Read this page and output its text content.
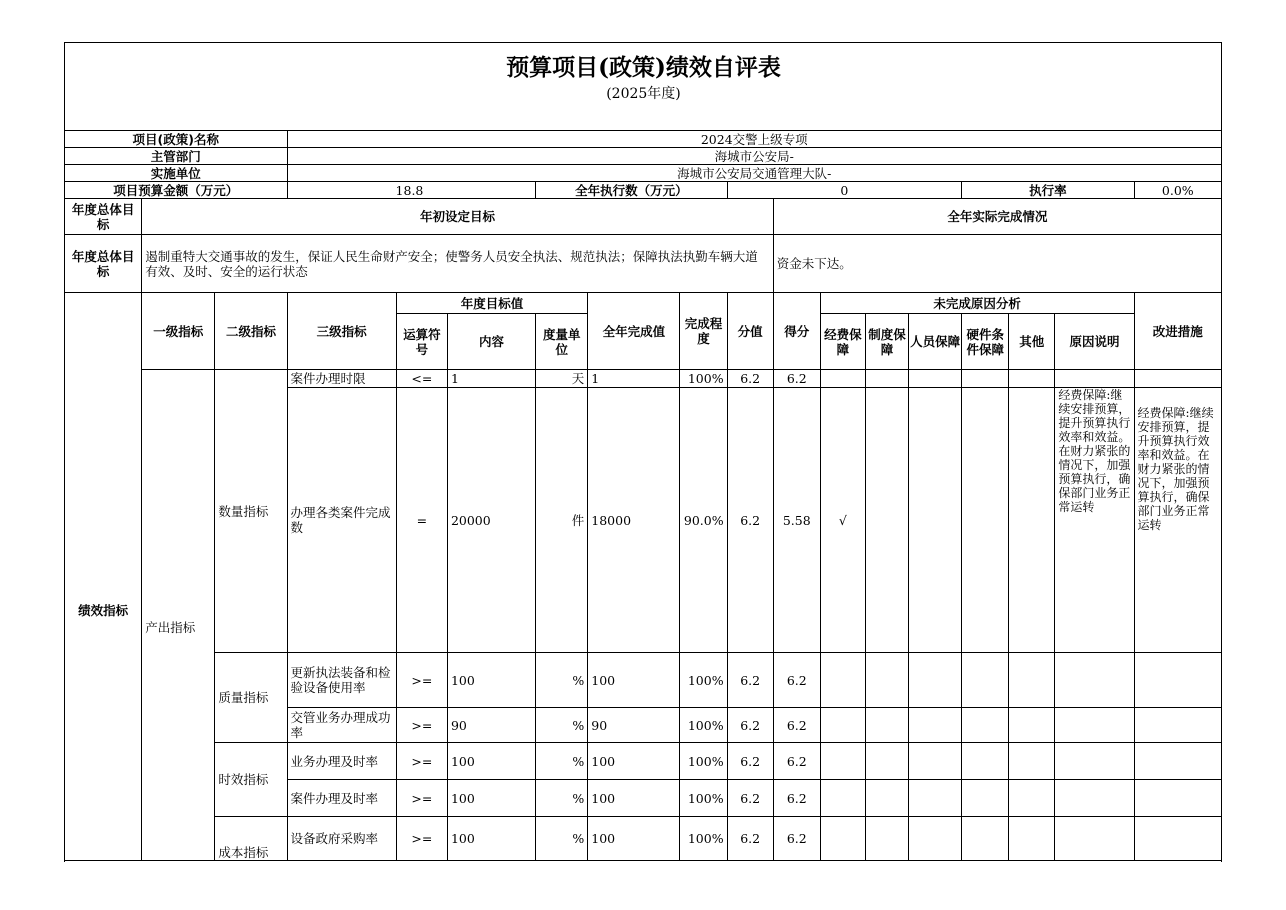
预算项目(政策)绩效自评表
(2025年度)
项目(政策)名称			2024交警上级专项														
主管部门			海城市公安局-														
实施单位			海城市公安局交通管理大队-														
项目预算金额（万元）			18.8			全年执行数（万元）			0					执行率			0.0%
年度总体目标	年初设定目标									全年实际完成情况							
年度总体目标	遏制重特大交通事故的发生，保证人民生命财产安全；使警务人员安全执法、规范执法；保障执法执勤车辆大道有效、及时、安全的运行状态									资金未下达。							
绩效指标	一级指标	二级指标	三级指标	年度目标值			全年完成值	完成程度	分值	得分	未完成原因分析						改进措施
				运算符号	内容	度量单位					经费保障	制度保障	人员保障	硬件条件保障	其他	原因说明	
	产出指标	数量指标	案件办理时限	<=	1	天	1	100%	6.2	6.2							
			办理各类案件完成数	=	20000	件	18000	90.0%	6.2	5.58	√					经费保障:继续安排预算，提升预算执行效率和效益。在财力紧张的情况下，加强预算执行，确保部门业务正常运转	经费保障:继续安排预算，提升预算执行效率和效益。在财力紧张的情况下，加强预算执行，确保部门业务正常运转
		质量指标	更新执法装备和检验设备使用率	>=	100	%	100	100%	6.2	6.2							
			交管业务办理成功率	>=	90	%	90	100%	6.2	6.2							
		时效指标	业务办理及时率	>=	100	%	100	100%	6.2	6.2							
			案件办理及时率	>=	100	%	100	100%	6.2	6.2							
		成本指标	设备政府采购率	>=	100	%	100	100%	6.2	6.2							
